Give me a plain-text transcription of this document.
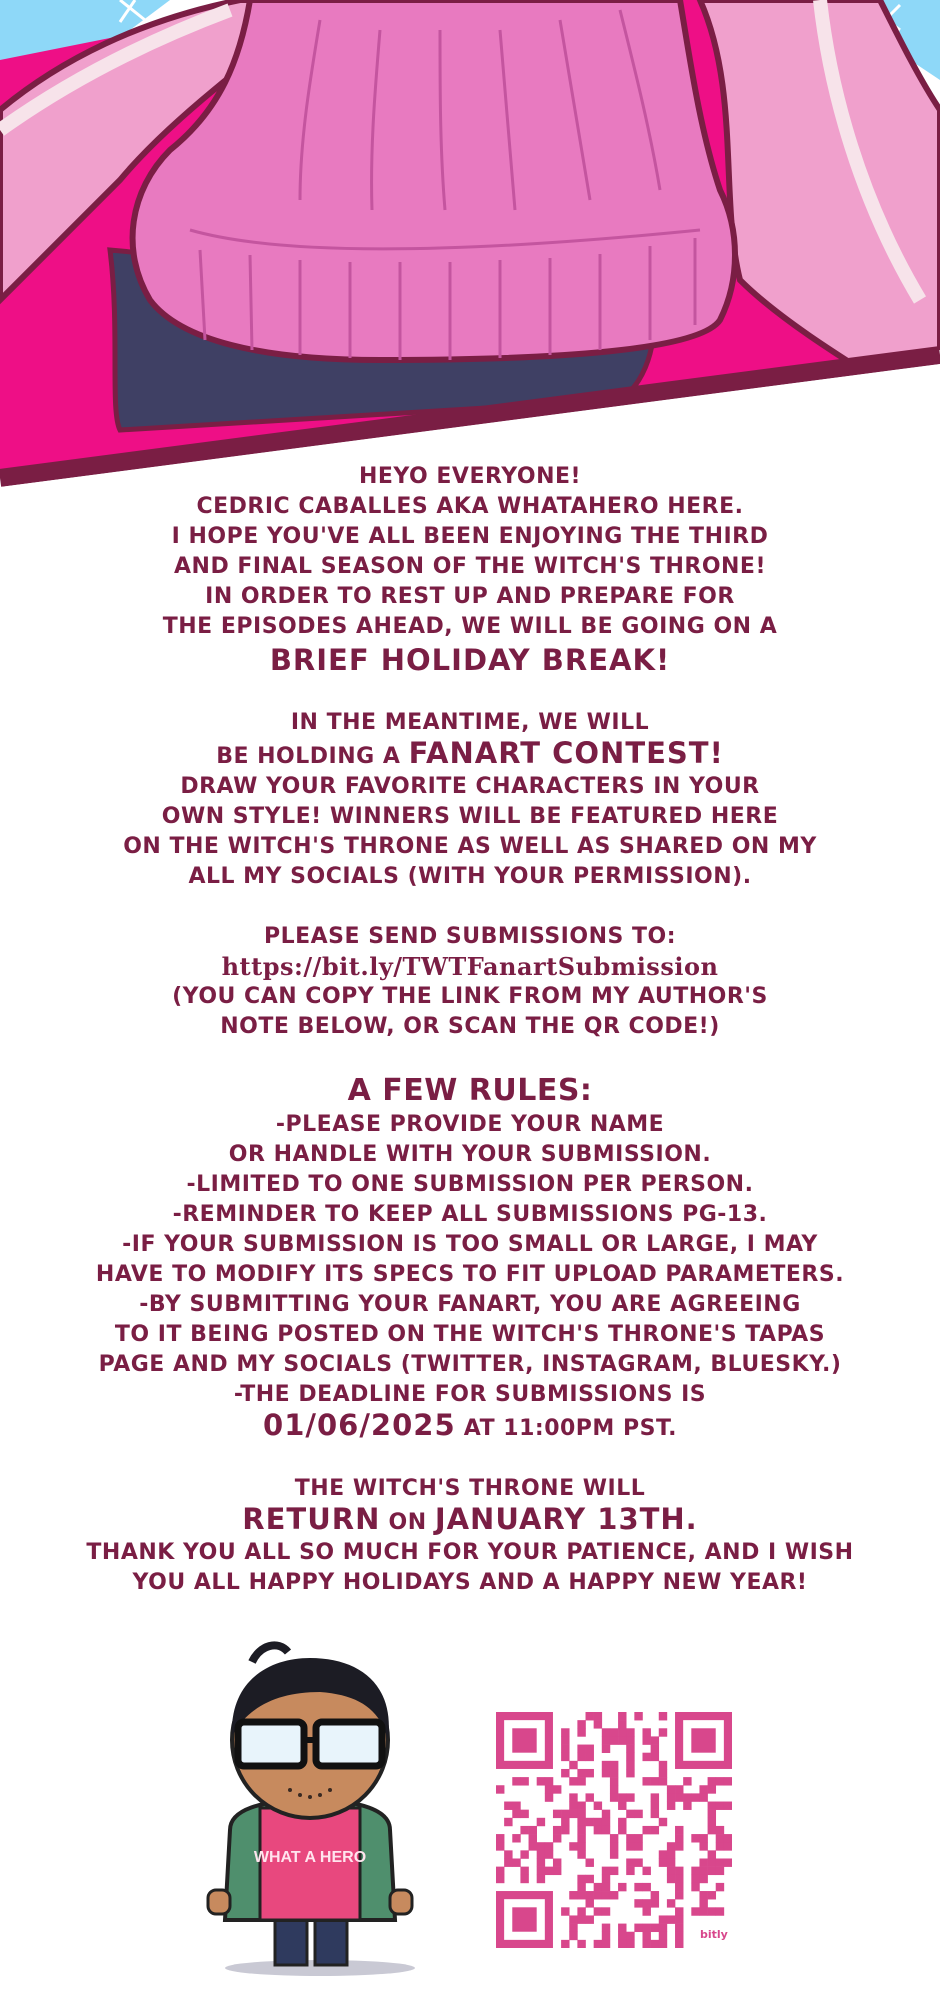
HEYO EVERYONE!

CEDRIC CABALLES AKA WHATAHERO HERE.

I HOPE YOU'VE ALL BEEN ENJOYING THE THIRD

AND FINAL SEASON OF THE WITCH'S THRONE!

IN ORDER TO REST UP AND PREPARE FOR

THE EPISODES AHEAD, WE WILL BE GOING ON A

BRIEF HOLIDAY BREAK!

IN THE MEANTIME, WE WILL

BE HOLDING A FANART CONTEST!

DRAW YOUR FAVORITE CHARACTERS IN YOUR

OWN STYLE! WINNERS WILL BE FEATURED HERE

ON THE WITCH'S THRONE AS WELL AS SHARED ON MY

ALL MY SOCIALS (WITH YOUR PERMISSION).

PLEASE SEND SUBMISSIONS TO:

https://bit.ly/TWTFanartSubmission

(YOU CAN COPY THE LINK FROM MY AUTHOR'S

NOTE BELOW, OR SCAN THE QR CODE!)

A FEW RULES:

-PLEASE PROVIDE YOUR NAME

OR HANDLE WITH YOUR SUBMISSION.

-LIMITED TO ONE SUBMISSION PER PERSON.

-REMINDER TO KEEP ALL SUBMISSIONS PG-13.

-IF YOUR SUBMISSION IS TOO SMALL OR LARGE, I MAY

HAVE TO MODIFY ITS SPECS TO FIT UPLOAD PARAMETERS.

-BY SUBMITTING YOUR FANART, YOU ARE AGREEING

TO IT BEING POSTED ON THE WITCH'S THRONE'S TAPAS

PAGE AND MY SOCIALS (TWITTER, INSTAGRAM, BLUESKY.)

-THE DEADLINE FOR SUBMISSIONS IS

01/06/2025 AT 11:00PM PST.

THE WITCH'S THRONE WILL

RETURN ON JANUARY 13TH.

THANK YOU ALL SO MUCH FOR YOUR PATIENCE, AND I WISH

YOU ALL HAPPY HOLIDAYS AND A HAPPY NEW YEAR!

WHAT A HERO
bitly
